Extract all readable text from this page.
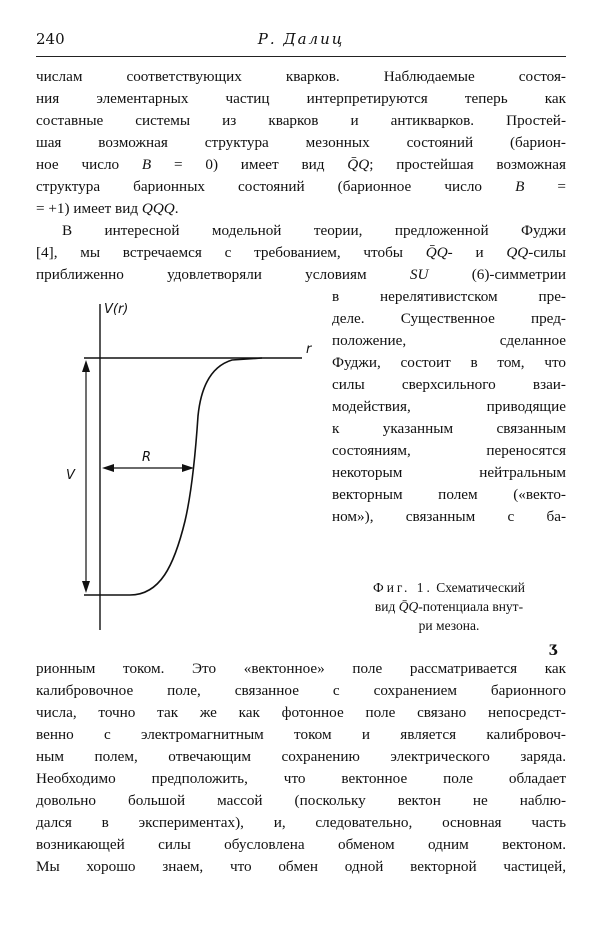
240	Р. Далиц
числам соответствующих кварков. Наблюдаемые состоя-
ния элементарных частиц интерпретируются теперь как
составные системы из кварков и антикварков. Простей-
шая возможная структура мезонных состояний (барион-
ное число B = 0) имеет вид Q̄Q; простейшая возможная
структура барионных состояний (барионное число B =
= +1) имеет вид QQQ.
В интересной модельной теории, предложенной Фуджи
[4], мы встречаемся с требованием, чтобы Q̄Q- и QQ-силы
приближенно удовлетворяли условиям SU (6)-симметрии
в нерелятивистском пре-
деле. Существенное пред-
положение, сделанное
Фуджи, состоит в том, что
силы сверхсильного взаи-
модействия, приводящие
к указанным связанным
состояниям, переносятся
некоторым нейтральным
векторным полем («векто-
ном»), связанным с ба-
V(r)
r
V
R
Фиг. 1. Схематический
вид Q̄Q-потенциала внут-
ри мезона.
ʒ
рионным током. Это «вектонное» поле рассматривается как
калибровочное поле, связанное с сохранением барионного
числа, точно так же как фотонное поле связано непосредст-
венно с электромагнитным током и является калибровоч-
ным полем, отвечающим сохранению электрического заряда.
Необходимо предположить, что вектонное поле обладает
довольно большой массой (поскольку вектон не наблю-
дался в экспериментах), и, следовательно, основная часть
возникающей силы обусловлена обменом одним вектоном.
Мы хорошо знаем, что обмен одной векторной частицей,
